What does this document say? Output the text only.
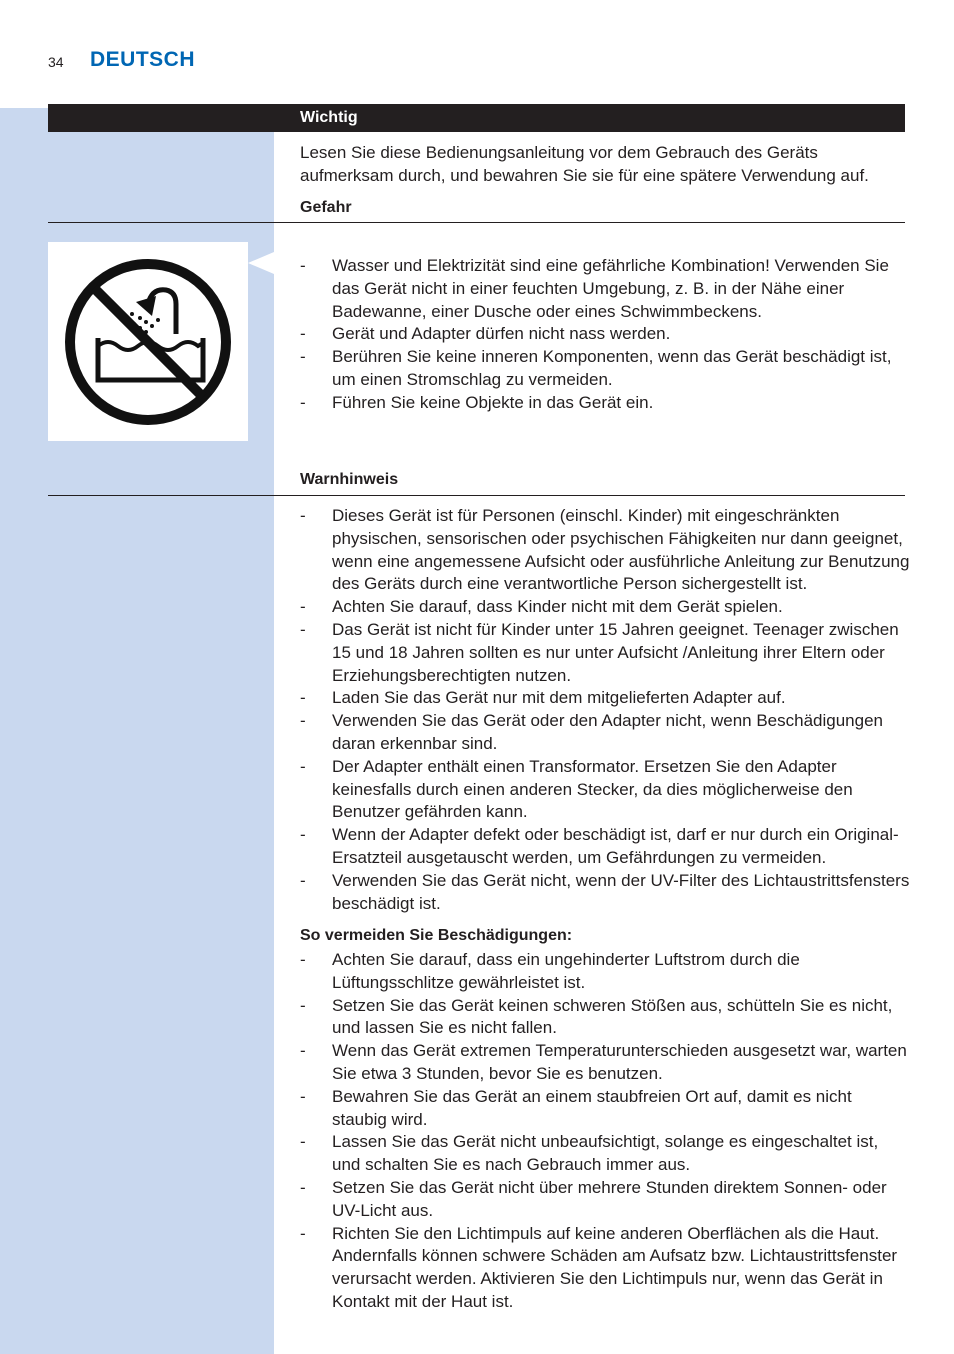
34 DEUTSCH
Wichtig
Lesen Sie diese Bedienungsanleitung vor dem Gebrauch des Geräts aufmerksam durch, und bewahren Sie sie für eine spätere Verwendung auf.
Gefahr
- Wasser und Elektrizität sind eine gefährliche Kombination! Verwenden Sie das Gerät nicht in einer feuchten Umgebung, z. B. in der Nähe einer Badewanne, einer Dusche oder eines Schwimmbeckens.
- Gerät und Adapter dürfen nicht nass werden.
- Berühren Sie keine inneren Komponenten, wenn das Gerät beschädigt ist, um einen Stromschlag zu vermeiden.
- Führen Sie keine Objekte in das Gerät ein.
Warnhinweis
- Dieses Gerät ist für Personen (einschl. Kinder) mit eingeschränkten physischen, sensorischen oder psychischen Fähigkeiten nur dann geeignet, wenn eine angemessene Aufsicht oder ausführliche Anleitung zur Benutzung des Geräts durch eine verantwortliche Person sichergestellt ist.
- Achten Sie darauf, dass Kinder nicht mit dem Gerät spielen.
- Das Gerät ist nicht für Kinder unter 15 Jahren geeignet. Teenager zwischen 15 und 18 Jahren sollten es nur unter Aufsicht /Anleitung ihrer Eltern oder Erziehungsberechtigten nutzen.
- Laden Sie das Gerät nur mit dem mitgelieferten Adapter auf.
- Verwenden Sie das Gerät oder den Adapter nicht, wenn Beschädigungen daran erkennbar sind.
- Der Adapter enthält einen Transformator. Ersetzen Sie den Adapter keinesfalls durch einen anderen Stecker, da dies möglicherweise den Benutzer gefährden kann.
- Wenn der Adapter defekt oder beschädigt ist, darf er nur durch ein Original-Ersatzteil ausgetauscht werden, um Gefährdungen zu vermeiden.
- Verwenden Sie das Gerät nicht, wenn der UV-Filter des Lichtaustrittsfensters beschädigt ist.
So vermeiden Sie Beschädigungen:
- Achten Sie darauf, dass ein ungehinderter Luftstrom durch die Lüftungsschlitze gewährleistet ist.
- Setzen Sie das Gerät keinen schweren Stößen aus, schütteln Sie es nicht, und lassen Sie es nicht fallen.
- Wenn das Gerät extremen Temperaturunterschieden ausgesetzt war, warten Sie etwa 3 Stunden, bevor Sie es benutzen.
- Bewahren Sie das Gerät an einem staubfreien Ort auf, damit es nicht staubig wird.
- Lassen Sie das Gerät nicht unbeaufsichtigt, solange es eingeschaltet ist, und schalten Sie es nach Gebrauch immer aus.
- Setzen Sie das Gerät nicht über mehrere Stunden direktem Sonnen- oder UV-Licht aus.
- Richten Sie den Lichtimpuls auf keine anderen Oberflächen als die Haut. Andernfalls können schwere Schäden am Aufsatz bzw. Lichtaustrittsfenster verursacht werden. Aktivieren Sie den Lichtimpuls nur, wenn das Gerät in Kontakt mit der Haut ist.
